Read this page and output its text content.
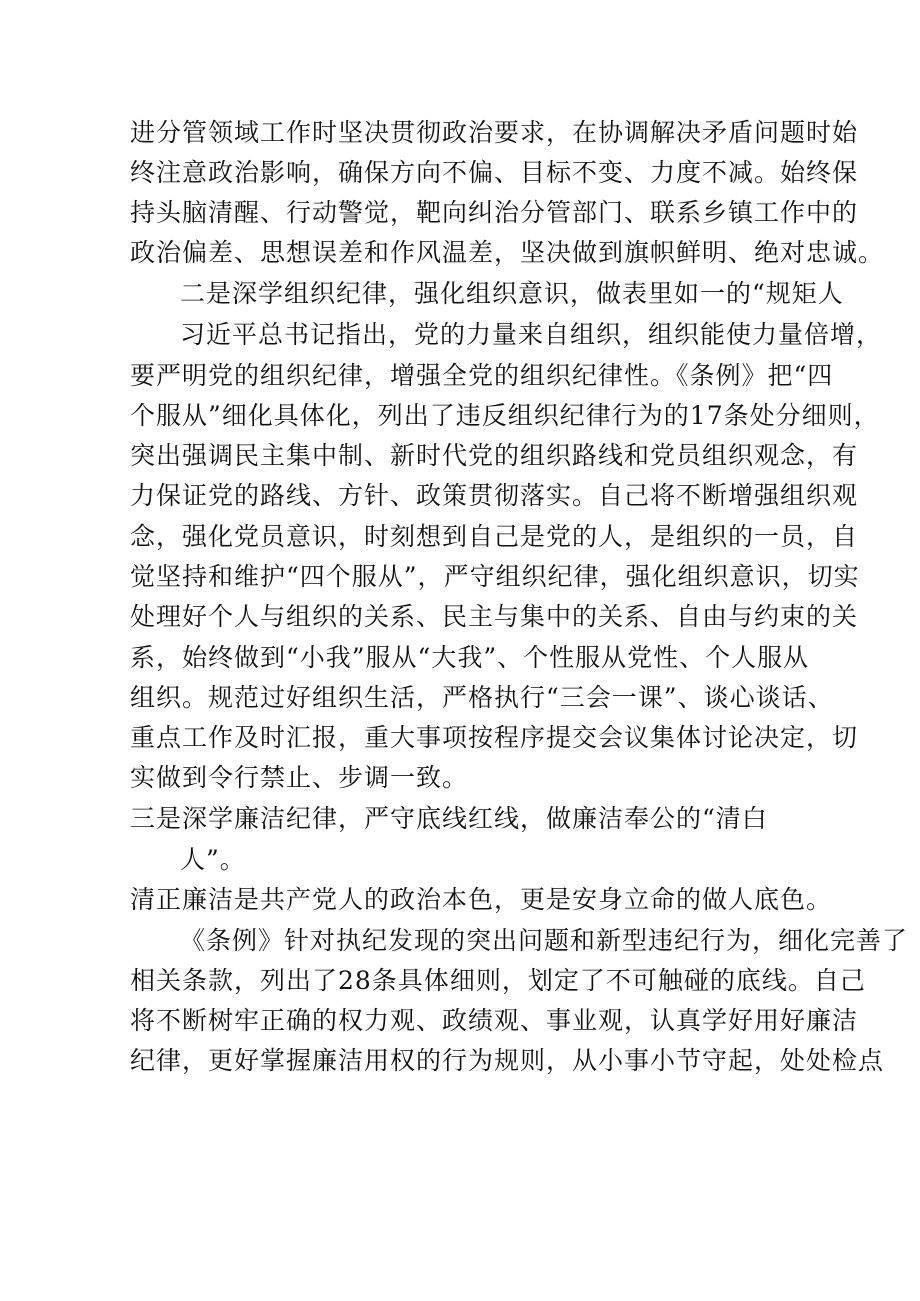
进分管领域工作时坚决贯彻政治要求，在协调解决矛盾问题时始
终注意政治影响，确保方向不偏、目标不变、力度不减。始终保
持头脑清醒、行动警觉，靶向纠治分管部门、联系乡镇工作中的
政治偏差、思想误差和作风温差，坚决做到旗帜鲜明、绝对忠诚。
二是深学组织纪律，强化组织意识，做表里如一的“规矩人
习近平总书记指出，党的力量来自组织，组织能使力量倍增，
要严明党的组织纪律，增强全党的组织纪律性。《条例》把“四
个服从”细化具体化，列出了违反组织纪律行为的17条处分细则，
突出强调民主集中制、新时代党的组织路线和党员组织观念，有
力保证党的路线、方针、政策贯彻落实。自己将不断增强组织观
念，强化党员意识，时刻想到自己是党的人，是组织的一员，自
觉坚持和维护“四个服从”，严守组织纪律，强化组织意识，切实
处理好个人与组织的关系、民主与集中的关系、自由与约束的关
系，始终做到“小我”服从“大我”、个性服从党性、个人服从
组织。规范过好组织生活，严格执行“三会一课”、谈心谈话、
重点工作及时汇报，重大事项按程序提交会议集体讨论决定，切
实做到令行禁止、步调一致。
三是深学廉洁纪律，严守底线红线，做廉洁奉公的“清白
人”。
清正廉洁是共产党人的政治本色，更是安身立命的做人底色。
《条例》针对执纪发现的突出问题和新型违纪行为，细化完善了
相关条款，列出了28条具体细则，划定了不可触碰的底线。自己
将不断树牢正确的权力观、政绩观、事业观，认真学好用好廉洁
纪律，更好掌握廉洁用权的行为规则，从小事小节守起，处处检点
